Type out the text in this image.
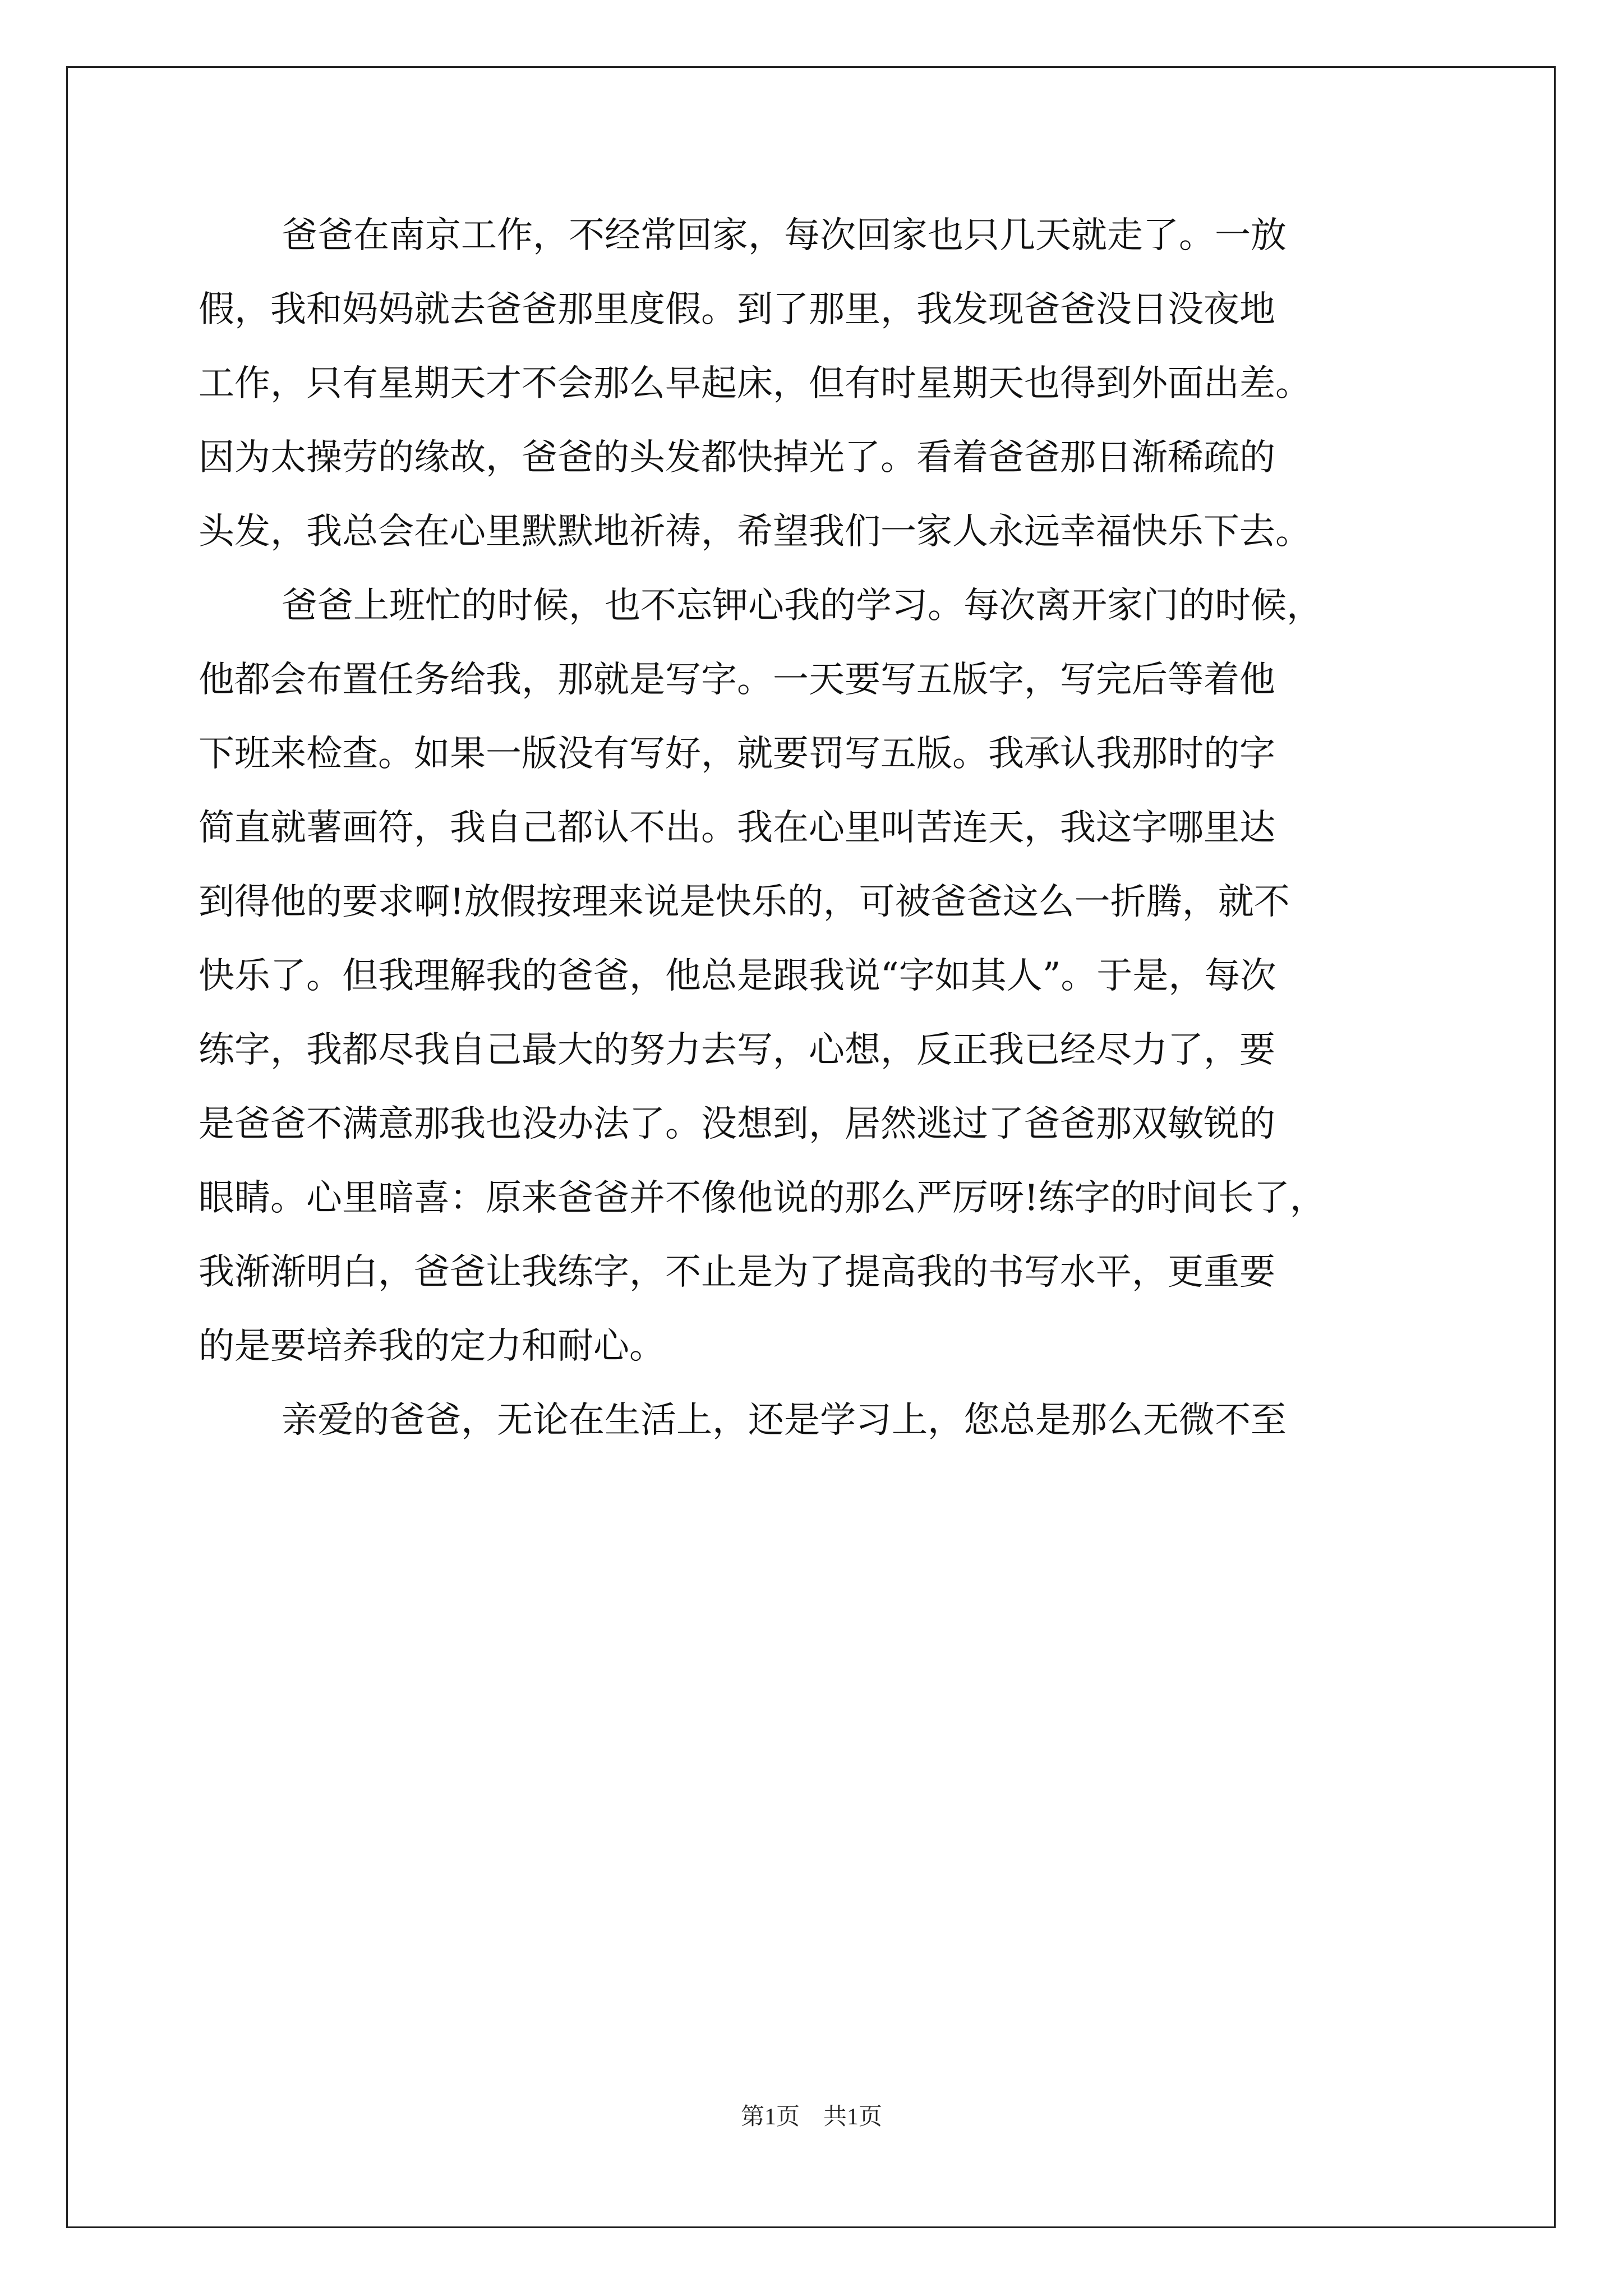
爸爸在南京工作，不经常回家，每次回家也只几天就走了。一放
假，我和妈妈就去爸爸那里度假。到了那里，我发现爸爸没日没夜地
工作，只有星期天才不会那么早起床，但有时星期天也得到外面出差。
因为太操劳的缘故，爸爸的头发都快掉光了。看着爸爸那日渐稀疏的
头发，我总会在心里默默地祈祷，希望我们一家人永远幸福快乐下去。
爸爸上班忙的时候，也不忘钾心我的学习。每次离开家门的时候，
他都会布置任务给我，那就是写字。一天要写五版字，写完后等着他
下班来检查。如果一版没有写好，就要罚写五版。我承认我那时的字
简直就薯画符，我自己都认不出。我在心里叫苦连天，我这字哪里达
到得他的要求啊!放假按理来说是快乐的，可被爸爸这么一折腾，就不
快乐了。但我理解我的爸爸，他总是跟我说“字如其人”。于是，每次
练字，我都尽我自己最大的努力去写，心想，反正我已经尽力了，要
是爸爸不满意那我也没办法了。没想到，居然逃过了爸爸那双敏锐的
眼睛。心里暗喜：原来爸爸并不像他说的那么严厉呀!练字的时间长了，
我渐渐明白，爸爸让我练字，不止是为了提高我的书写水平，更重要
的是要培养我的定力和耐心。
亲爱的爸爸，无论在生活上，还是学习上，您总是那么无微不至
第1页　共1页
